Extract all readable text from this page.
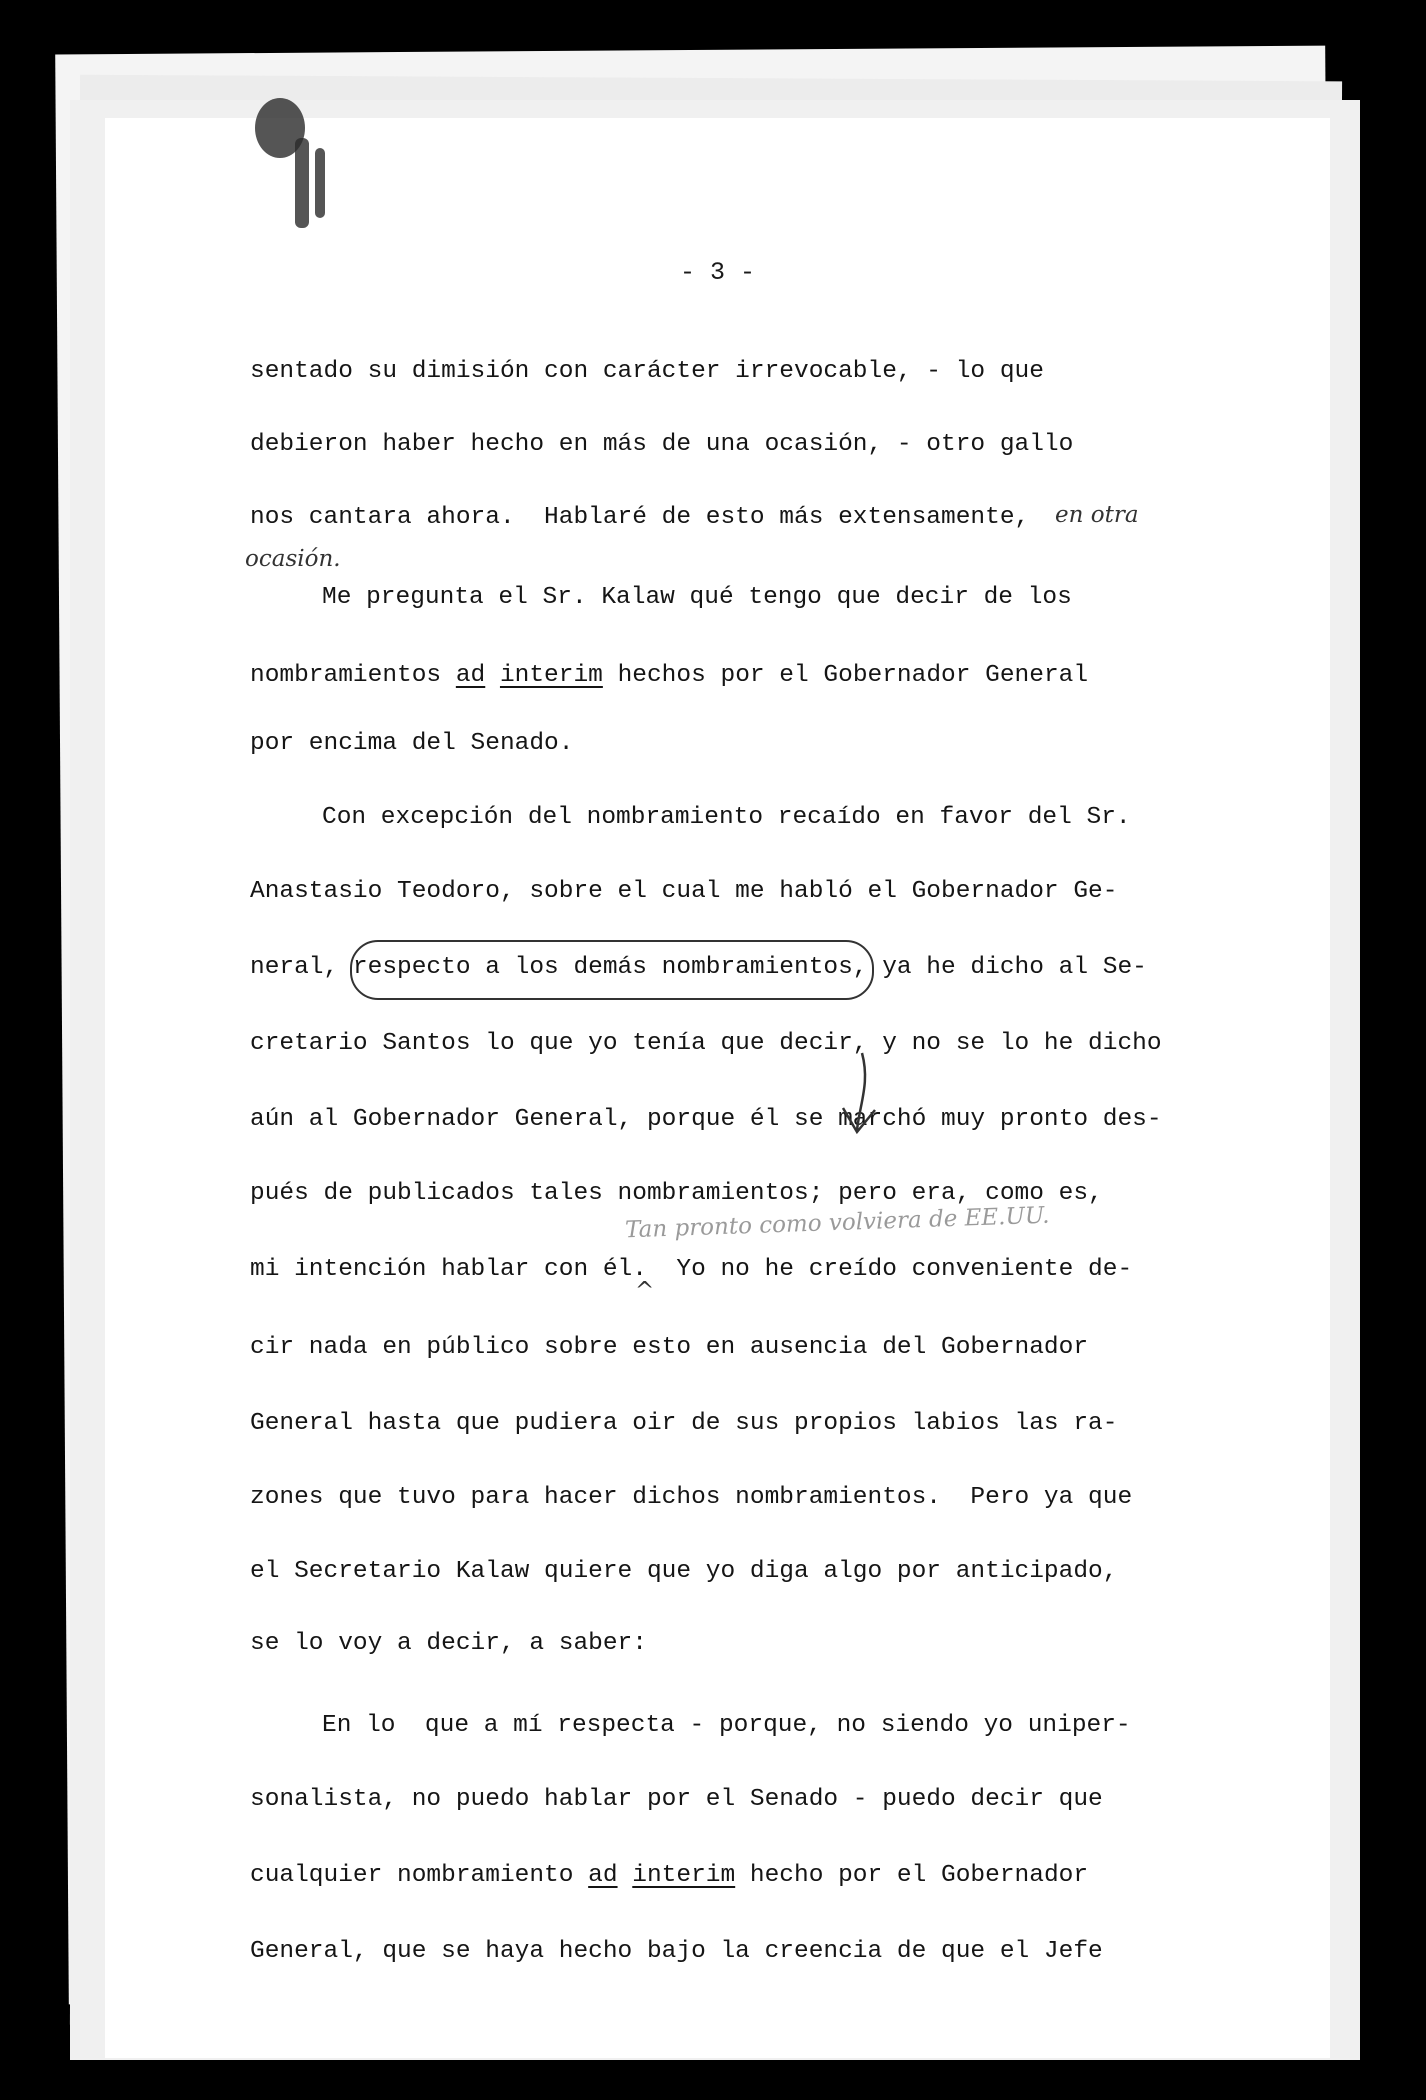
- 3 -
sentado su dimisión con carácter irrevocable, - lo que
debieron haber hecho en más de una ocasión, - otro gallo
nos cantara ahora.  Hablaré de esto más extensamente,
Me pregunta el Sr. Kalaw qué tengo que decir de los
nombramientos ad interim hechos por el Gobernador General
por encima del Senado.
Con excepción del nombramiento recaído en favor del Sr.
Anastasio Teodoro, sobre el cual me habló el Gobernador Ge-
neral, respecto a los demás nombramientos, ya he dicho al Se-
cretario Santos lo que yo tenía que decir, y no se lo he dicho
aún al Gobernador General, porque él se marchó muy pronto des-
pués de publicados tales nombramientos; pero era, como es,
mi intención hablar con él.  Yo no he creído conveniente de-
cir nada en público sobre esto en ausencia del Gobernador
General hasta que pudiera oir de sus propios labios las ra-
zones que tuvo para hacer dichos nombramientos.  Pero ya que
el Secretario Kalaw quiere que yo diga algo por anticipado,
se lo voy a decir, a saber:
En lo  que a mí respecta - porque, no siendo yo uniper-
sonalista, no puedo hablar por el Senado - puedo decir que
cualquier nombramiento ad interim hecho por el Gobernador
General, que se haya hecho bajo la creencia de que el Jefe
en otra
ocasión.
Tan pronto como volviera de EE.UU.
^
